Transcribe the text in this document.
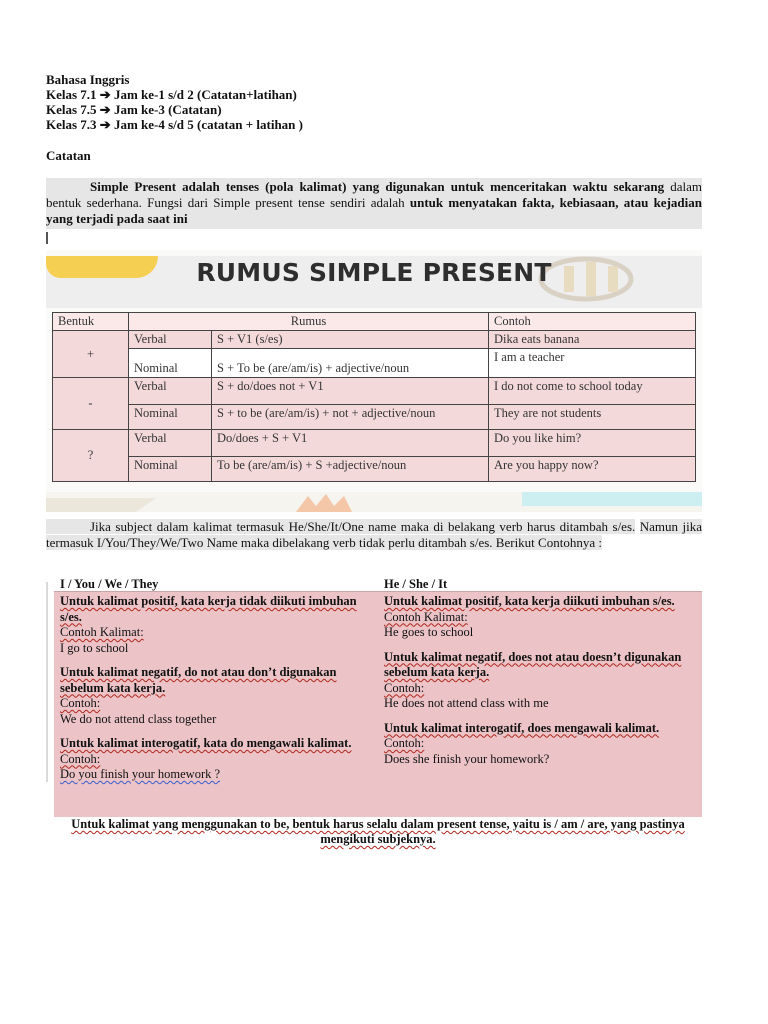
Bahasa Inggris
Kelas 7.1 ➔ Jam ke-1 s/d 2 (Catatan+latihan)
Kelas 7.5 ➔ Jam ke-3 (Catatan)
Kelas 7.3 ➔ Jam ke-4 s/d 5 (catatan + latihan )
Catatan
Simple Present adalah tenses (pola kalimat) yang digunakan untuk menceritakan waktu sekarang dalam bentuk sederhana. Fungsi dari Simple present tense sendiri adalah untuk menyatakan fakta, kebiasaan, atau kejadian yang terjadi pada saat ini
RUMUS SIMPLE PRESENT
Bentuk	Rumus		Contoh
+	Verbal	S + V1 (s/es)	Dika eats banana
	Nominal	S + To be (are/am/is) + adjective/noun	I am a teacher
-	Verbal	S + do/does not + V1	I do not come to school today
	Nominal	S + to be (are/am/is) + not + adjective/noun	They are not students
?	Verbal	Do/does + S + V1	Do you like him?
	Nominal	To be (are/am/is) + S +adjective/noun	Are you happy now?
Jika subject dalam kalimat termasuk He/She/It/One name maka di belakang verb harus ditambah s/es. Namun jika termasuk I/You/They/We/Two Name maka dibelakang verb tidak perlu ditambah s/es. Berikut Contohnya :
I / You / We / They	He / She / It
Untuk kalimat positif, kata kerja tidak diikuti imbuhan s/es.
Contoh Kalimat:
I go to school
Untuk kalimat negatif, do not atau don’t digunakan sebelum kata kerja.
Contoh:
We do not attend class together
Untuk kalimat interogatif, kata do mengawali kalimat.
Contoh:
Do you finish your homework ?
Untuk kalimat positif, kata kerja diikuti imbuhan s/es.
Contoh Kalimat:
He goes to school
Untuk kalimat negatif, does not atau doesn’t digunakan sebelum kata kerja.
Contoh:
He does not attend class with me
Untuk kalimat interogatif, does mengawali kalimat.
Contoh:
Does she finish your homework?
Untuk kalimat yang menggunakan to be, bentuk harus selalu dalam present tense, yaitu is / am / are, yang pastinya mengikuti subjeknya.
